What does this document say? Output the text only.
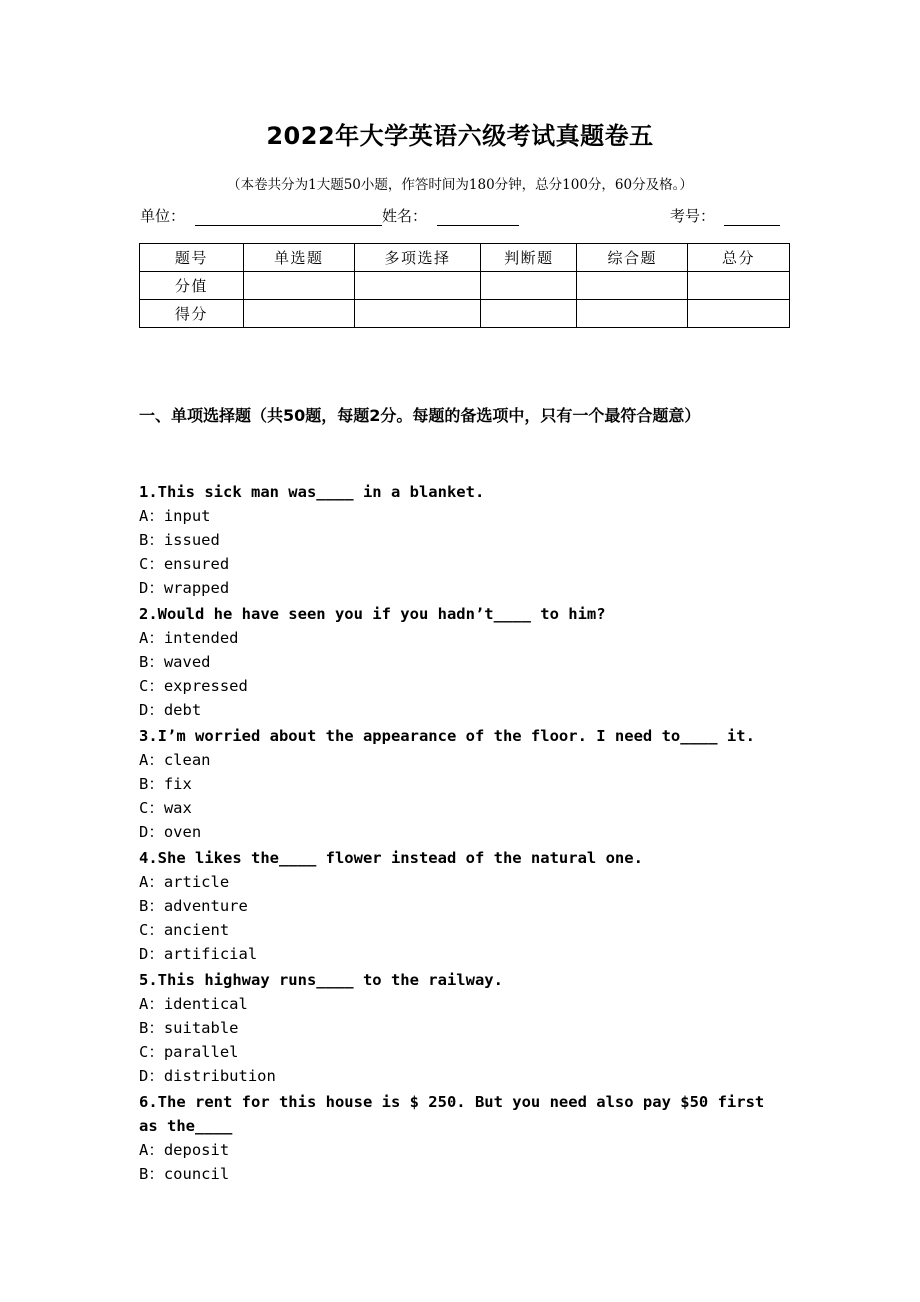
2022年大学英语六级考试真题卷五
（本卷共分为1大题50小题，作答时间为180分钟，总分100分，60分及格。）
单位：	姓名：	考号：
题号	单选题	多项选择	判断题	综合题	总分
分值					
得分					
一、单项选择题（共50题，每题2分。每题的备选项中，只有一个最符合题意）
1.This sick man was____ in a blanket.
A：input
B：issued
C：ensured
D：wrapped
2.Would he have seen you if you hadn’t____ to him?
A：intended
B：waved
C：expressed
D：debt
3.I’m worried about the appearance of the floor. I need to____ it.
A：clean
B：fix
C：wax
D：oven
4.She likes the____ flower instead of the natural one.
A：article
B：adventure
C：ancient
D：artificial
5.This highway runs____ to the railway.
A：identical
B：suitable
C：parallel
D：distribution
6.The rent for this house is $ 250. But you need also pay $50 first as the____
A：deposit
B：council
